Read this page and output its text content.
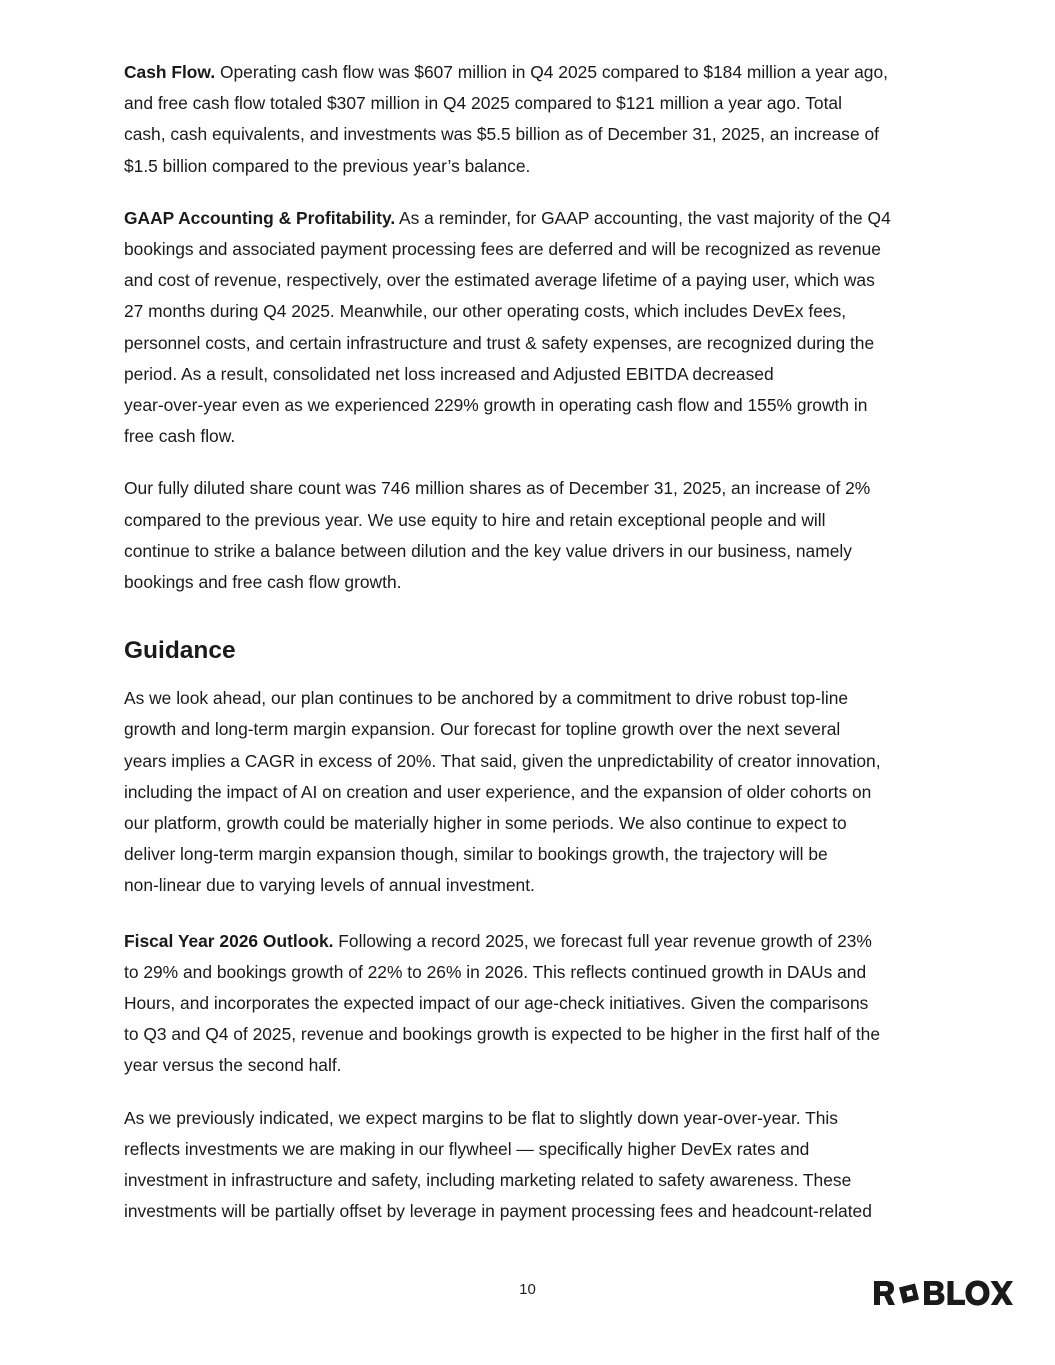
Cash Flow. Operating cash flow was $607 million in Q4 2025 compared to $184 million a year ago,
and free cash flow totaled $307 million in Q4 2025 compared to $121 million a year ago. Total
cash, cash equivalents, and investments was $5.5 billion as of December 31, 2025, an increase of
$1.5 billion compared to the previous year’s balance.

GAAP Accounting & Profitability. As a reminder, for GAAP accounting, the vast majority of the Q4
bookings and associated payment processing fees are deferred and will be recognized as revenue
and cost of revenue, respectively, over the estimated average lifetime of a paying user, which was
27 months during Q4 2025. Meanwhile, our other operating costs, which includes DevEx fees,
personnel costs, and certain infrastructure and trust & safety expenses, are recognized during the
period. As a result, consolidated net loss increased and Adjusted EBITDA decreased
year-over-year even as we experienced 229% growth in operating cash flow and 155% growth in
free cash flow.

Our fully diluted share count was 746 million shares as of December 31, 2025, an increase of 2%
compared to the previous year. We use equity to hire and retain exceptional people and will
continue to strike a balance between dilution and the key value drivers in our business, namely
bookings and free cash flow growth.

Guidance

As we look ahead, our plan continues to be anchored by a commitment to drive robust top-line
growth and long-term margin expansion. Our forecast for topline growth over the next several
years implies a CAGR in excess of 20%. That said, given the unpredictability of creator innovation,
including the impact of AI on creation and user experience, and the expansion of older cohorts on
our platform, growth could be materially higher in some periods. We also continue to expect to
deliver long-term margin expansion though, similar to bookings growth, the trajectory will be
non-linear due to varying levels of annual investment.

Fiscal Year 2026 Outlook. Following a record 2025, we forecast full year revenue growth of 23%
to 29% and bookings growth of 22% to 26% in 2026. This reflects continued growth in DAUs and
Hours, and incorporates the expected impact of our age-check initiatives. Given the comparisons
to Q3 and Q4 of 2025, revenue and bookings growth is expected to be higher in the first half of the
year versus the second half.

As we previously indicated, we expect margins to be flat to slightly down year-over-year. This
reflects investments we are making in our flywheel — specifically higher DevEx rates and
investment in infrastructure and safety, including marketing related to safety awareness. These
investments will be partially offset by leverage in payment processing fees and headcount-related

10
